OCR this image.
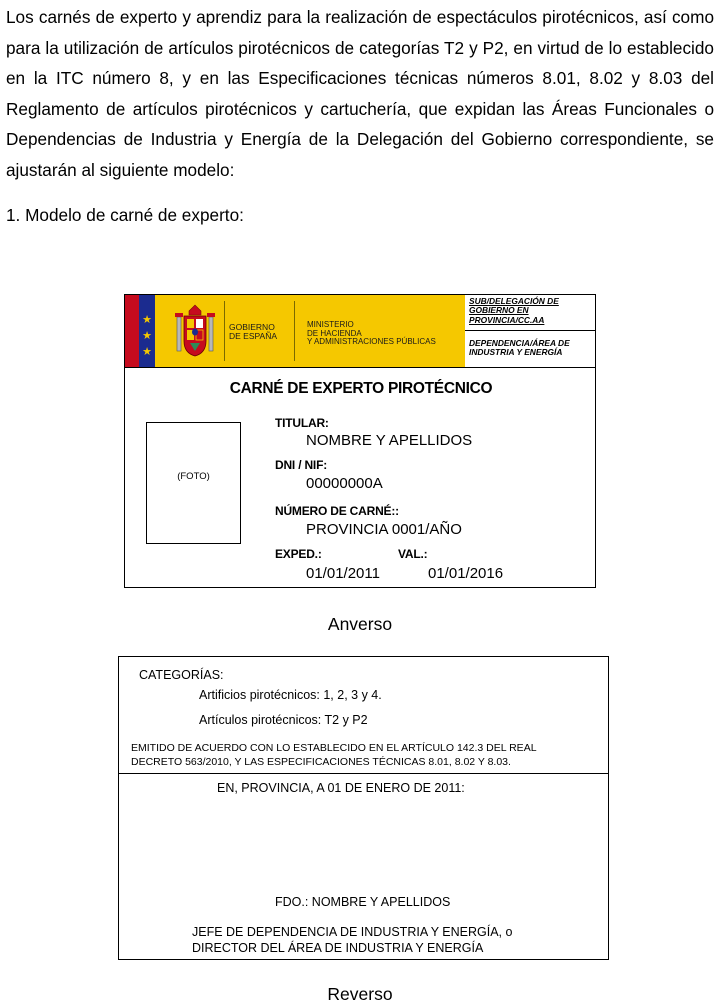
Los carnés de experto y aprendiz para la realización de espectáculos pirotécnicos, así como para la utilización de artículos pirotécnicos de categorías T2 y P2, en virtud de lo establecido en la ITC número 8, y en las Especificaciones técnicas números 8.01, 8.02 y 8.03 del Reglamento de artículos pirotécnicos y cartuchería, que expidan las Áreas Funcionales o Dependencias de Industria y Energía de la Delegación del Gobierno correspondiente, se ajustarán al siguiente modelo:
1. Modelo de carné de experto:
★
★
★
GOBIERNO
DE ESPAÑA
MINISTERIO
DE HACIENDA
Y ADMINISTRACIONES PÚBLICAS
SUB/DELEGACIÓN DE
GOBIERNO EN
PROVINCIA/CC.AA
DEPENDENCIA/ÁREA DE
INDUSTRIA Y ENERGÍA
CARNÉ DE EXPERTO PIROTÉCNICO
(FOTO)
TITULAR:
NOMBRE Y APELLIDOS
DNI / NIF:
00000000A
NÚMERO DE CARNÉ::
PROVINCIA 0001/AÑO
EXPED.:	VAL.:
01/01/2011	01/01/2016
Anverso
CATEGORÍAS:
Artificios pirotécnicos: 1, 2, 3 y 4.
Artículos pirotécnicos: T2 y P2
EMITIDO DE ACUERDO CON LO ESTABLECIDO EN EL ARTÍCULO 142.3 DEL REAL
DECRETO 563/2010, Y LAS ESPECIFICACIONES TÉCNICAS 8.01, 8.02 Y 8.03.
EN, PROVINCIA, A 01 DE ENERO DE 2011:
FDO.: NOMBRE Y APELLIDOS
JEFE DE DEPENDENCIA DE INDUSTRIA Y ENERGÍA, o
DIRECTOR DEL ÁREA DE INDUSTRIA Y ENERGÍA
Reverso
